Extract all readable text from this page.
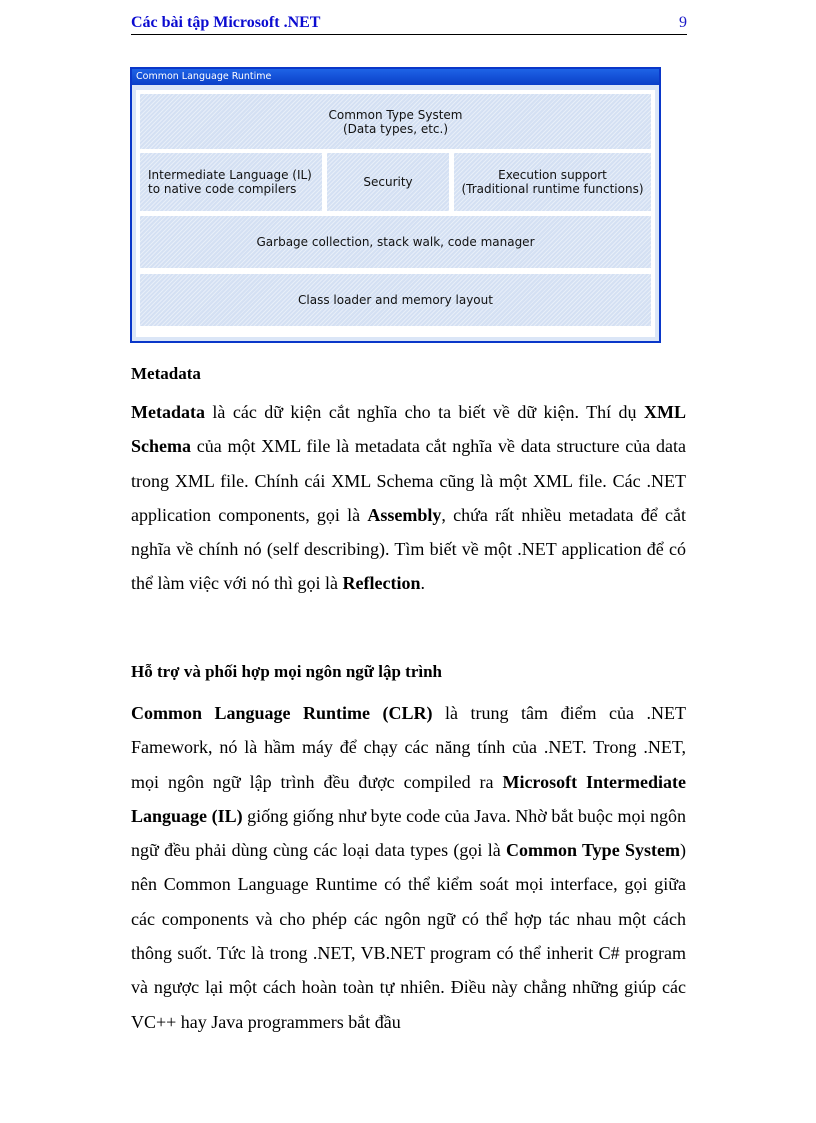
Các bài tập Microsoft .NET	9
Common Language Runtime
Common Type System
(Data types, etc.)
Intermediate Language (IL)
to native code compilers	Security	Execution support
(Traditional runtime functions)
Garbage collection, stack walk, code manager
Class loader and memory layout
Metadata
Metadata là các dữ kiện cắt nghĩa cho ta biết về dữ kiện. Thí dụ XML Schema của một XML file là metadata cắt nghĩa về data structure của data trong XML file. Chính cái XML Schema cũng là một XML file. Các .NET application components, gọi là Assembly, chứa rất nhiều metadata để cắt nghĩa về chính nó (self describing). Tìm biết về một .NET application để có thể làm việc với nó thì gọi là Reflection.
Hỗ trợ và phối hợp mọi ngôn ngữ lập trình
Common Language Runtime (CLR) là trung tâm điểm của .NET Famework, nó là hầm máy để chạy các năng tính của .NET. Trong .NET, mọi ngôn ngữ lập trình đều được compiled ra Microsoft Intermediate Language (IL) giống giống như byte code của Java. Nhờ bắt buộc mọi ngôn ngữ đều phải dùng cùng các loại data types (gọi là Common Type System) nên Common Language Runtime có thể kiểm soát mọi interface, gọi giữa các components và cho phép các ngôn ngữ có thể hợp tác nhau một cách thông suốt. Tức là trong .NET, VB.NET program có thể inherit C# program và ngược lại một cách hoàn toàn tự nhiên. Điều này chẳng những giúp các VC++ hay Java programmers bắt đầu
